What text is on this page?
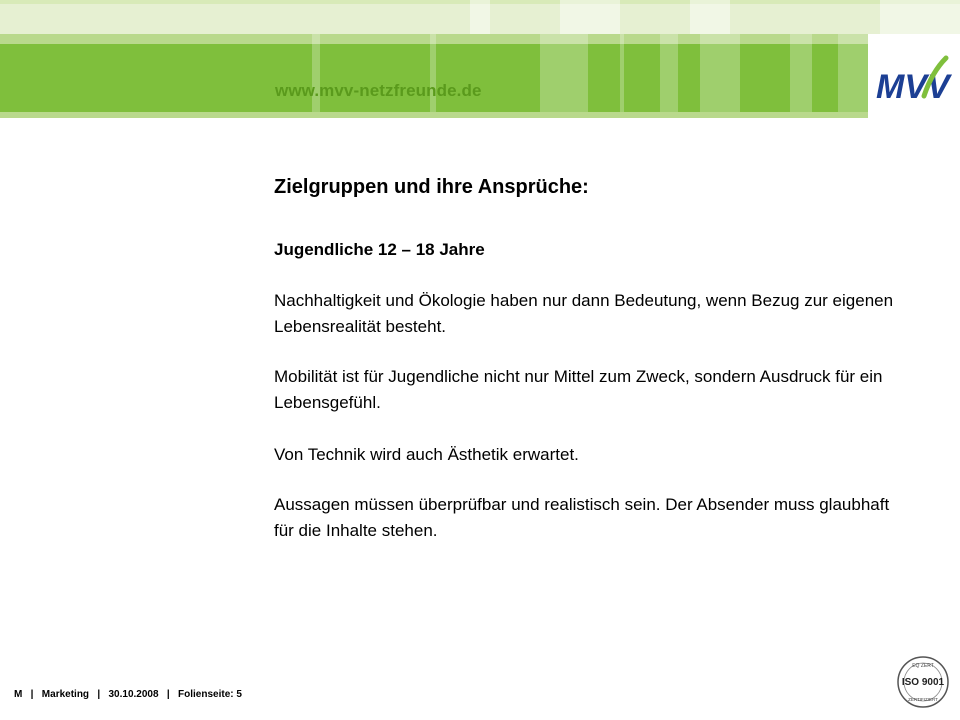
www.mvv-netzfreunde.de	MVV
Zielgruppen und ihre Ansprüche:
Jugendliche 12 – 18 Jahre
Nachhaltigkeit und Ökologie haben nur dann Bedeutung, wenn Bezug zur eigenen Lebensrealität besteht.
Mobilität ist für Jugendliche nicht nur Mittel zum Zweck, sondern Ausdruck für ein Lebensgefühl.
Von Technik wird auch Ästhetik erwartet.
Aussagen müssen überprüfbar und realistisch sein. Der Absender muss glaubhaft für die Inhalte stehen.
M   |   Marketing   |   30.10.2008   |   Folienseite: 5
EQ ZERT
ISO 9001
ZERTIFIZIERT
